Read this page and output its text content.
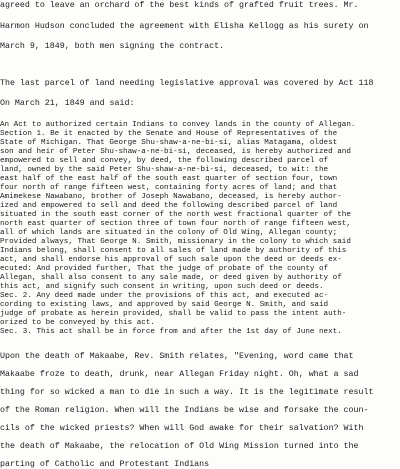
agreed to leave an orchard of the best kinds of grafted fruit trees. Mr.

Harmon Hudson concluded the agreement with Elisha Kellogg as his surety on

March 9, 1849, both men signing the contract.

The last parcel of land needing legislative approval was covered by Act 118

On March 21, 1849 and said:

An Act to authorized certain Indians to convey lands in the county of Allegan.

Section 1. Be it enacted by the Senate and House of Representatives of the

State of Michigan. That George Shu-shaw-a-ne-bi-si, alias Matagama, oldest

son and heir of Peter Shu-shaw-a-ne-bi-si, deceased, is hereby authorized and

empowered to sell and convey, by deed, the following described parcel of

land, owned by the said Peter Shu-shaw-a-ne-bi-si, deceased, to wit: the

east half of the east half of the south east quarter of section four, town

four north of range fifteen west, containing forty acres of land; and that

Amimekese Nawabano, brother of Joseph Nawabano, deceased, is hereby author-

ized and empowered to sell and deed the following described parcel of land

situated in the south east corner of the north west fractional quarter of the

north east quarter of section three of town four north of range fifteen west,

all of which lands are situated in the colony of Old Wing, Allegan county;

Provided always, That George N. Smith, missionary in the colony to which said

Indians belong, shall consent to all sales of land made by authority of this

act, and shall endorse his approval of such sale upon the deed or deeds ex-

ecuted: And provided further, That the judge of probate of the county of

Allegan, shall also consent to any sale made, or deed given by authority of

this act, and signify such consent in writing, upon such deed or deeds.

Sec. 2. Any deed made under the provisions of this act, and executed ac-

cording to existing laws, and approved by said George N. Smith, and said

judge of probate as herein provided, shall be valid to pass the intent auth-

orized to be conveyed by this act.

Sec. 3. This act shall be in force from and after the 1st day of June next.

Upon the death of Makaabe, Rev. Smith relates, "Evening, word came that

Makaabe froze to death, drunk, near Allegan Friday night. Oh, what a sad

thing for so wicked a man to die in such a way. It is the legitimate result

of the Roman religion. When will the Indians be wise and forsake the coun-

cils of the wicked priests? When will God awake for their salvation? With

the death of Makaabe, the relocation of Old Wing Mission turned into the

parting of Catholic and Protestant Indians
